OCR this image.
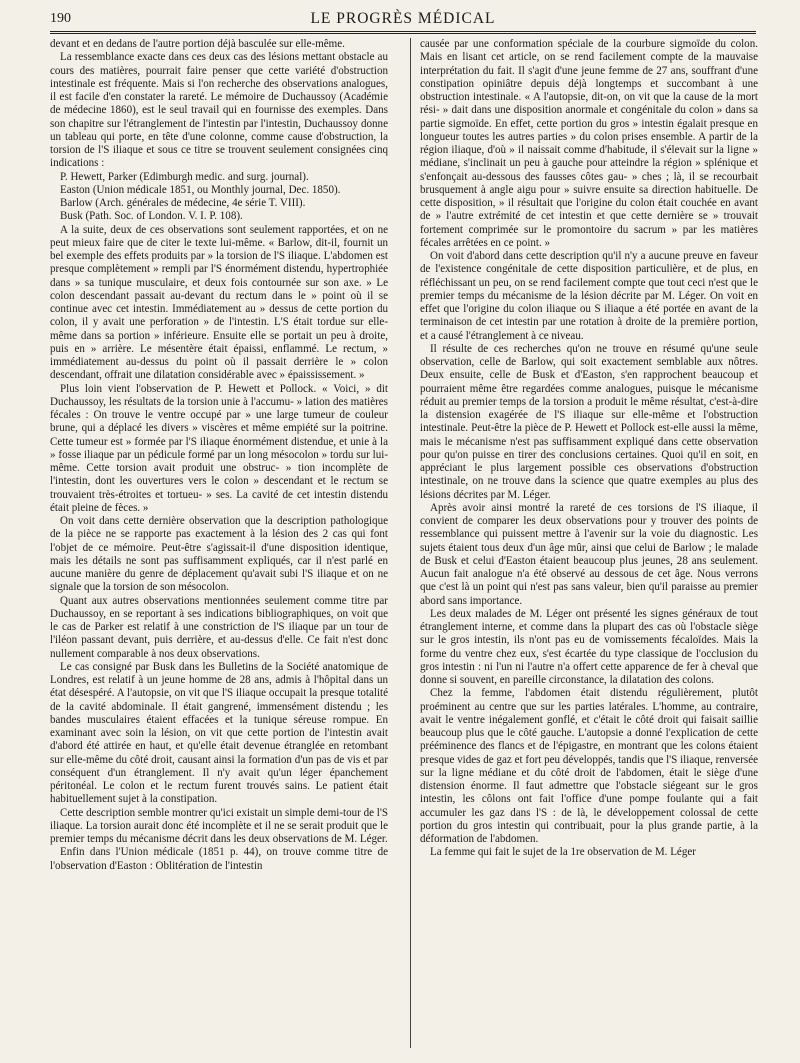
190	LE PROGRÈS MÉDICAL

devant et en dedans de l'autre portion déjà basculée sur elle-même.

La ressemblance exacte dans ces deux cas des lésions mettant obstacle au cours des matières, pourrait faire penser que cette variété d'obstruction intestinale est fréquente. Mais si l'on recherche des observations analogues, il est facile d'en constater la rareté. Le mémoire de Duchaussoy (Académie de médecine 1860), est le seul travail qui en fournisse des exemples. Dans son chapitre sur l'étranglement de l'intestin par l'intestin, Duchaussoy donne un tableau qui porte, en tête d'une colonne, comme cause d'obstruction, la torsion de l'S iliaque et sous ce titre se trouvent seulement consignées cinq indications :

P. Hewett, Parker (Edimburgh medic. and surg. journal).

Easton (Union médicale 1851, ou Monthly journal, Dec. 1850).

Barlow (Arch. générales de médecine, 4e série T. VIII).

Busk (Path. Soc. of London. V. I. P. 108).

A la suite, deux de ces observations sont seulement rapportées, et on ne peut mieux faire que de citer le texte lui-même. « Barlow, dit-il, fournit un bel exemple des effets produits par » la torsion de l'S iliaque. L'abdomen est presque complètement » rempli par l'S énormément distendu, hypertrophiée dans » sa tunique musculaire, et deux fois contournée sur son axe. » Le colon descendant passait au-devant du rectum dans le » point où il se continue avec cet intestin. Immédiatement au » dessus de cette portion du colon, il y avait une perforation » de l'intestin. L'S était tordue sur elle-même dans sa portion » inférieure. Ensuite elle se portait un peu à droite, puis en » arrière. Le mésentère était épaissi, enflammé. Le rectum, » immédiatement au-dessus du point où il passait derrière le » colon descendant, offrait une dilatation considérable avec » épaississement. »

Plus loin vient l'observation de P. Hewett et Pollock. « Voici, » dit Duchaussoy, les résultats de la torsion unie à l'accumu- » lation des matières fécales : On trouve le ventre occupé par » une large tumeur de couleur brune, qui a déplacé les divers » viscères et même empiété sur la poitrine. Cette tumeur est » formée par l'S iliaque énormément distendue, et unie à la » fosse iliaque par un pédicule formé par un long mésocolon » tordu sur lui-même. Cette torsion avait produit une obstruc- » tion incomplète de l'intestin, dont les ouvertures vers le colon » descendant et le rectum se trouvaient très-étroites et tortueu- » ses. La cavité de cet intestin distendu était pleine de fèces. »

On voit dans cette dernière observation que la description pathologique de la pièce ne se rapporte pas exactement à la lésion des 2 cas qui font l'objet de ce mémoire. Peut-être s'agissait-il d'une disposition identique, mais les détails ne sont pas suffisamment expliqués, car il n'est parlé en aucune manière du genre de déplacement qu'avait subi l'S iliaque et on ne signale que la torsion de son mésocolon.

Quant aux autres observations mentionnées seulement comme titre par Duchaussoy, en se reportant à ses indications bibliographiques, on voit que le cas de Parker est relatif à une constriction de l'S iliaque par un tour de l'iléon passant devant, puis derrière, et au-dessus d'elle. Ce fait n'est donc nullement comparable à nos deux observations.

Le cas consigné par Busk dans les Bulletins de la Société anatomique de Londres, est relatif à un jeune homme de 28 ans, admis à l'hôpital dans un état désespéré. A l'autopsie, on vit que l'S iliaque occupait la presque totalité de la cavité abdominale. Il était gangrené, immensément distendu ; les bandes musculaires étaient effacées et la tunique séreuse rompue. En examinant avec soin la lésion, on vit que cette portion de l'intestin avait d'abord été attirée en haut, et qu'elle était devenue étranglée en retombant sur elle-même du côté droit, causant ainsi la formation d'un pas de vis et par conséquent d'un étranglement. Il n'y avait qu'un léger épanchement péritonéal. Le colon et le rectum furent trouvés sains. Le patient était habituellement sujet à la constipation.

Cette description semble montrer qu'ici existait un simple demi-tour de l'S iliaque. La torsion aurait donc été incomplète et il ne se serait produit que le premier temps du mécanisme décrit dans les deux observations de M. Léger.

Enfin dans l'Union médicale (1851 p. 44), on trouve comme titre de l'observation d'Easton : Oblitération de l'intestin

causée par une conformation spéciale de la courbure sigmoïde du colon. Mais en lisant cet article, on se rend facilement compte de la mauvaise interprétation du fait. Il s'agit d'une jeune femme de 27 ans, souffrant d'une constipation opiniâtre depuis déjà longtemps et succombant à une obstruction intestinale. « A l'autopsie, dit-on, on vit que la cause de la mort rési- » dait dans une disposition anormale et congénitale du colon » dans sa partie sigmoïde. En effet, cette portion du gros » intestin égalait presque en longueur toutes les autres parties » du colon prises ensemble. A partir de la région iliaque, d'où » il naissait comme d'habitude, il s'élevait sur la ligne » médiane, s'inclinait un peu à gauche pour atteindre la région » splénique et s'enfonçait au-dessous des fausses côtes gau- » ches ; là, il se recourbait brusquement à angle aigu pour » suivre ensuite sa direction habituelle. De cette disposition, » il résultait que l'origine du colon était couchée en avant de » l'autre extrémité de cet intestin et que cette dernière se » trouvait fortement comprimée sur le promontoire du sacrum » par les matières fécales arrêtées en ce point. »

On voit d'abord dans cette description qu'il n'y a aucune preuve en faveur de l'existence congénitale de cette disposition particulière, et de plus, en réfléchissant un peu, on se rend facilement compte que tout ceci n'est que le premier temps du mécanisme de la lésion décrite par M. Léger. On voit en effet que l'origine du colon iliaque ou S iliaque a été portée en avant de la terminaison de cet intestin par une rotation à droite de la première portion, et a causé l'étranglement à ce niveau.

Il résulte de ces recherches qu'on ne trouve en résumé qu'une seule observation, celle de Barlow, qui soit exactement semblable aux nôtres. Deux ensuite, celle de Busk et d'Easton, s'en rapprochent beaucoup et pourraient même être regardées comme analogues, puisque le mécanisme réduit au premier temps de la torsion a produit le même résultat, c'est-à-dire la distension exagérée de l'S iliaque sur elle-même et l'obstruction intestinale. Peut-être la pièce de P. Hewett et Pollock est-elle aussi la même, mais le mécanisme n'est pas suffisamment expliqué dans cette observation pour qu'on puisse en tirer des conclusions certaines. Quoi qu'il en soit, en appréciant le plus largement possible ces observations d'obstruction intestinale, on ne trouve dans la science que quatre exemples au plus des lésions décrites par M. Léger.

Après avoir ainsi montré la rareté de ces torsions de l'S iliaque, il convient de comparer les deux observations pour y trouver des points de ressemblance qui puissent mettre à l'avenir sur la voie du diagnostic. Les sujets étaient tous deux d'un âge mûr, ainsi que celui de Barlow ; le malade de Busk et celui d'Easton étaient beaucoup plus jeunes, 28 ans seulement. Aucun fait analogue n'a été observé au dessous de cet âge. Nous verrons que c'est là un point qui n'est pas sans valeur, bien qu'il paraisse au premier abord sans importance.

Les deux malades de M. Léger ont présenté les signes généraux de tout étranglement interne, et comme dans la plupart des cas où l'obstacle siège sur le gros intestin, ils n'ont pas eu de vomissements fécaloïdes. Mais la forme du ventre chez eux, s'est écartée du type classique de l'occlusion du gros intestin : ni l'un ni l'autre n'a offert cette apparence de fer à cheval que donne si souvent, en pareille circonstance, la dilatation des colons.

Chez la femme, l'abdomen était distendu régulièrement, plutôt proéminent au centre que sur les parties latérales. L'homme, au contraire, avait le ventre inégalement gonflé, et c'était le côté droit qui faisait saillie beaucoup plus que le côté gauche. L'autopsie a donné l'explication de cette prééminence des flancs et de l'épigastre, en montrant que les colons étaient presque vides de gaz et fort peu développés, tandis que l'S iliaque, renversée sur la ligne médiane et du côté droit de l'abdomen, était le siège d'une distension énorme. Il faut admettre que l'obstacle siégeant sur le gros intestin, les côlons ont fait l'office d'une pompe foulante qui a fait accumuler les gaz dans l'S : de là, le développement colossal de cette portion du gros intestin qui contribuait, pour la plus grande partie, à la déformation de l'abdomen.

La femme qui fait le sujet de la 1re observation de M. Léger
